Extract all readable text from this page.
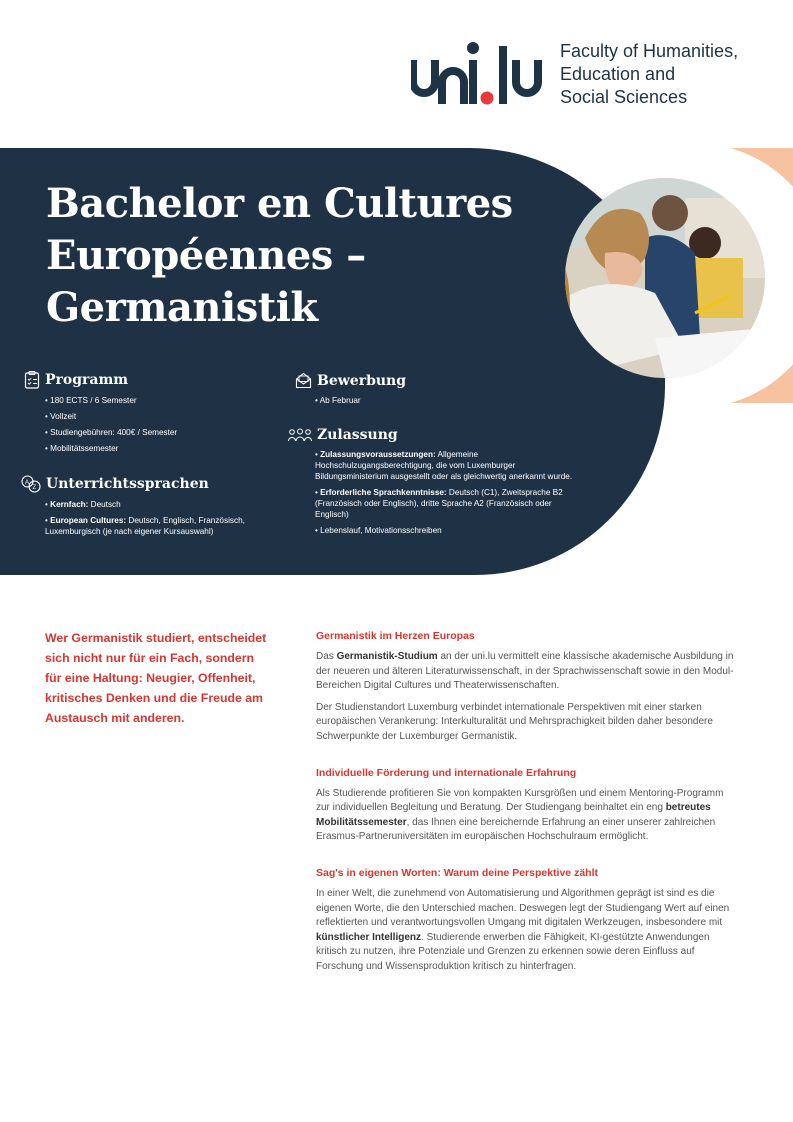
Faculty of Humanities,
Education and
Social Sciences
Bachelor en Cultures
Européennes –
Germanistik
Programm
• 180 ECTS / 6 Semester
• Vollzeit
• Studiengebühren: 400€ / Semester
• Mobilitätssemester
A
Z Unterrichtssprachen
• Kernfach: Deutsch
• European Cultures: Deutsch, Englisch, Französisch, Luxemburgisch (je nach eigener Kursauswahl)
Bewerbung
• Ab Februar
Zulassung
• Zulassungsvoraussetzungen: Allgemeine Hochschulzugangsberechtigung, die vom Luxemburger Bildungsministerium ausgestellt oder als gleichwertig anerkannt wurde.
• Erforderliche Sprachkenntnisse: Deutsch (C1), Zweitsprache B2 (Französisch oder Englisch), dritte Sprache A2 (Französisch oder Englisch)
• Lebenslauf, Motivationsschreiben

Wer Germanistik studiert, entscheidet sich nicht nur für ein Fach, sondern für eine Haltung: Neugier, Offenheit, kritisches Denken und die Freude am Austausch mit anderen.

Germanistik im Herzen Europas

Das Germanistik-Studium an der uni.lu vermittelt eine klassische akademische Ausbildung in der neueren und älteren Literaturwissenschaft, in der Sprachwissenschaft sowie in den Modul-Bereichen Digital Cultures und Theaterwissenschaften.

Der Studienstandort Luxemburg verbindet internationale Perspektiven mit einer starken europäischen Verankerung: Interkulturalität und Mehrsprachigkeit bilden daher besondere Schwerpunkte der Luxemburger Germanistik.

Individuelle Förderung und internationale Erfahrung

Als Studierende profitieren Sie von kompakten Kursgrößen und einem Mentoring-Programm zur individuellen Begleitung und Beratung. Der Studiengang beinhaltet ein eng betreutes Mobilitätssemester, das Ihnen eine bereichernde Erfahrung an einer unserer zahlreichen Erasmus-Partneruniversitäten im europäischen Hochschulraum ermöglicht.

Sag's in eigenen Worten: Warum deine Perspektive zählt

In einer Welt, die zunehmend von Automatisierung und Algorithmen geprägt ist sind es die eigenen Worte, die den Unterschied machen. Deswegen legt der Studiengang Wert auf einen reflektierten und verantwortungsvollen Umgang mit digitalen Werkzeugen, insbesondere mit künstlicher Intelligenz. Studierende erwerben die Fähigkeit, KI-gestützte Anwendungen kritisch zu nutzen, ihre Potenziale und Grenzen zu erkennen sowie deren Einfluss auf Forschung und Wissensproduktion kritisch zu hinterfragen.
